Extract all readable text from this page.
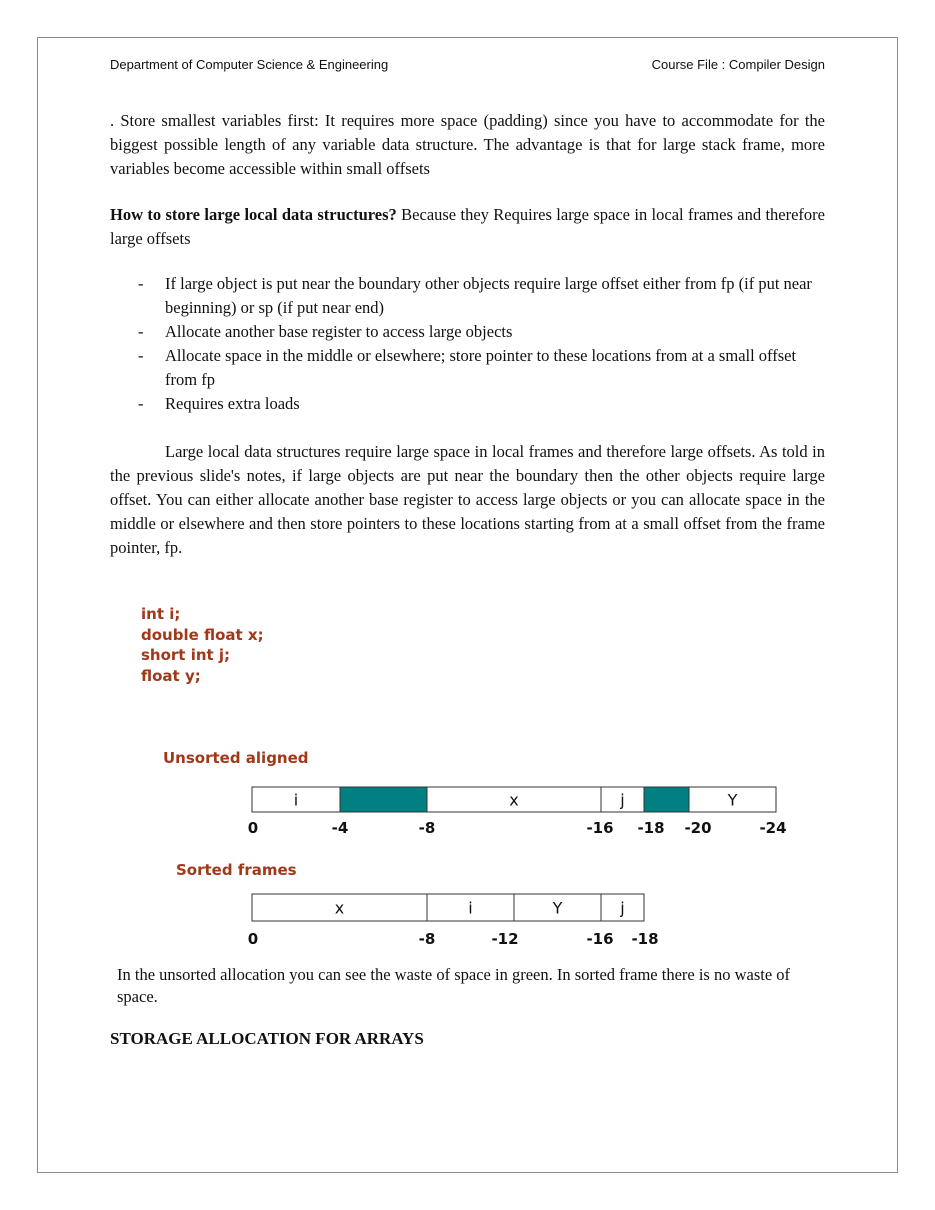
Department of Computer Science & Engineering	Course File : Compiler Design
. Store smallest variables first: It requires more space (padding) since you have to accommodate for the biggest possible length of any variable data structure. The advantage is that for large stack frame, more variables become accessible within small offsets
How to store large local data structures? Because they Requires large space in local frames and therefore large offsets
- If large object is put near the boundary other objects require large offset either from fp (if put near beginning) or sp (if put near end)
- Allocate another base register to access large objects
- Allocate space in the middle or elsewhere; store pointer to these locations from at a small offset from fp
- Requires extra loads
Large local data structures require large space in local frames and therefore large offsets. As told in the previous slide's notes, if large objects are put near the boundary then the other objects require large offset. You can either allocate another base register to access large objects or you can allocate space in the middle or elsewhere and then store pointers to these locations starting from at a small offset from the frame pointer, fp.
int i;
double float x;
short int j;
float y;
Unsorted aligned
Sorted frames
i	x	j	Y
0	-4	-8	-16 -18 -20	-24
x	i	Y	j
0	-8	-12	-16 -18
In the unsorted allocation you can see the waste of space in green. In sorted frame there is no waste of space.
STORAGE ALLOCATION FOR ARRAYS
